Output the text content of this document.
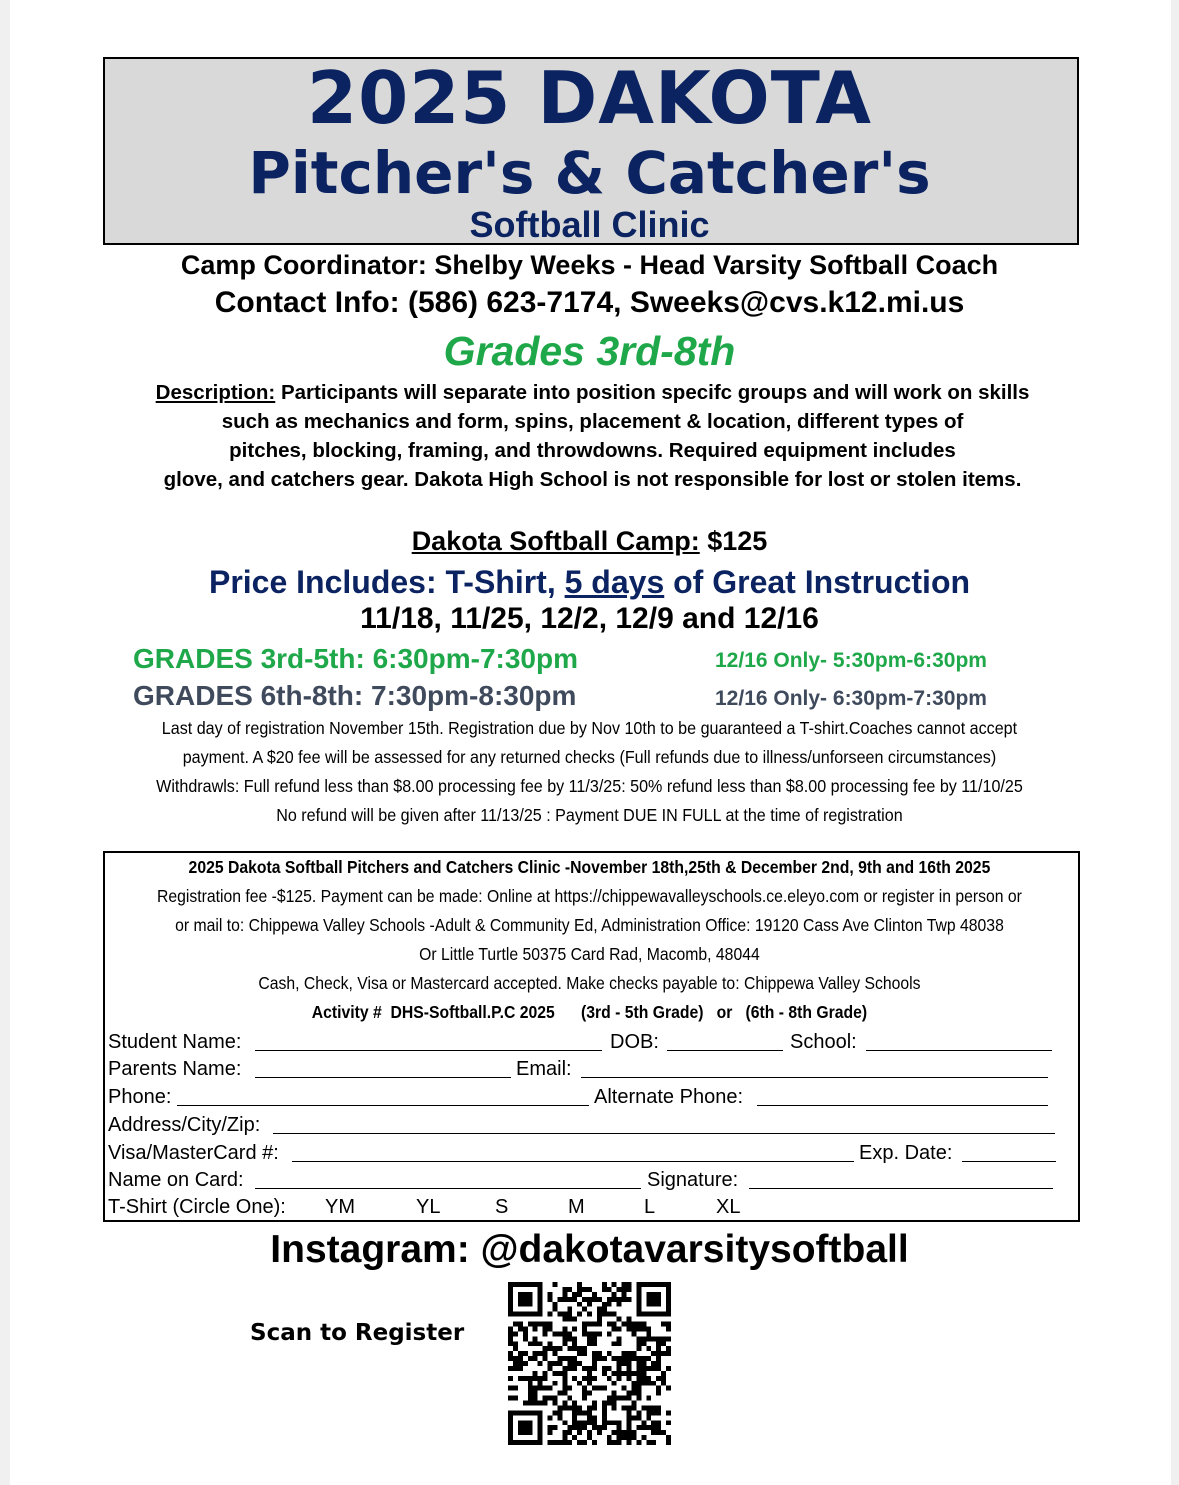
2025 DAKOTA
Pitcher's & Catcher's
Softball Clinic
Camp Coordinator: Shelby Weeks - Head Varsity Softball Coach
Contact Info: (586) 623-7174, Sweeks@cvs.k12.mi.us
Grades 3rd-8th
Description: Participants will separate into position specifc groups and will work on skills
such as mechanics and form, spins, placement & location, different types of
pitches, blocking, framing, and throwdowns. Required equipment includes
glove, and catchers gear. Dakota High School is not responsible for lost or stolen items.
Dakota Softball Camp: $125
Price Includes: T-Shirt, 5 days of Great Instruction
11/18, 11/25, 12/2, 12/9 and 12/16
GRADES 3rd-5th: 6:30pm-7:30pm	12/16 Only- 5:30pm-6:30pm
GRADES 6th-8th: 7:30pm-8:30pm	12/16 Only- 6:30pm-7:30pm
Last day of registration November 15th. Registration due by Nov 10th to be guaranteed a T-shirt.Coaches cannot accept
payment. A $20 fee will be assessed for any returned checks (Full refunds due to illness/unforseen circumstances)
Withdrawls: Full refund less than $8.00 processing fee by 11/3/25: 50% refund less than $8.00 processing fee by 11/10/25
No refund will be given after 11/13/25 : Payment DUE IN FULL at the time of registration
2025 Dakota Softball Pitchers and Catchers Clinic -November 18th,25th & December 2nd, 9th and 16th 2025
Registration fee -$125. Payment can be made: Online at https://chippewavalleyschools.ce.eleyo.com or register in person or
or mail to: Chippewa Valley Schools -Adult & Community Ed, Administration Office: 19120 Cass Ave Clinton Twp 48038
Or Little Turtle 50375 Card Rad, Macomb, 48044
Cash, Check, Visa or Mastercard accepted. Make checks payable to: Chippewa Valley Schools
Activity #  DHS-Softball.P.C 2025      (3rd - 5th Grade)   or   (6th - 8th Grade)
Student Name:	DOB:	School:
Parents Name:	Email:
Phone:	Alternate Phone:
Address/City/Zip:
Visa/MasterCard #:	Exp. Date:
Name on Card:	Signature:
T-Shirt (Circle One): YM	YL	S	M	L	XL
Instagram: @dakotavarsitysoftball
Scan to Register
